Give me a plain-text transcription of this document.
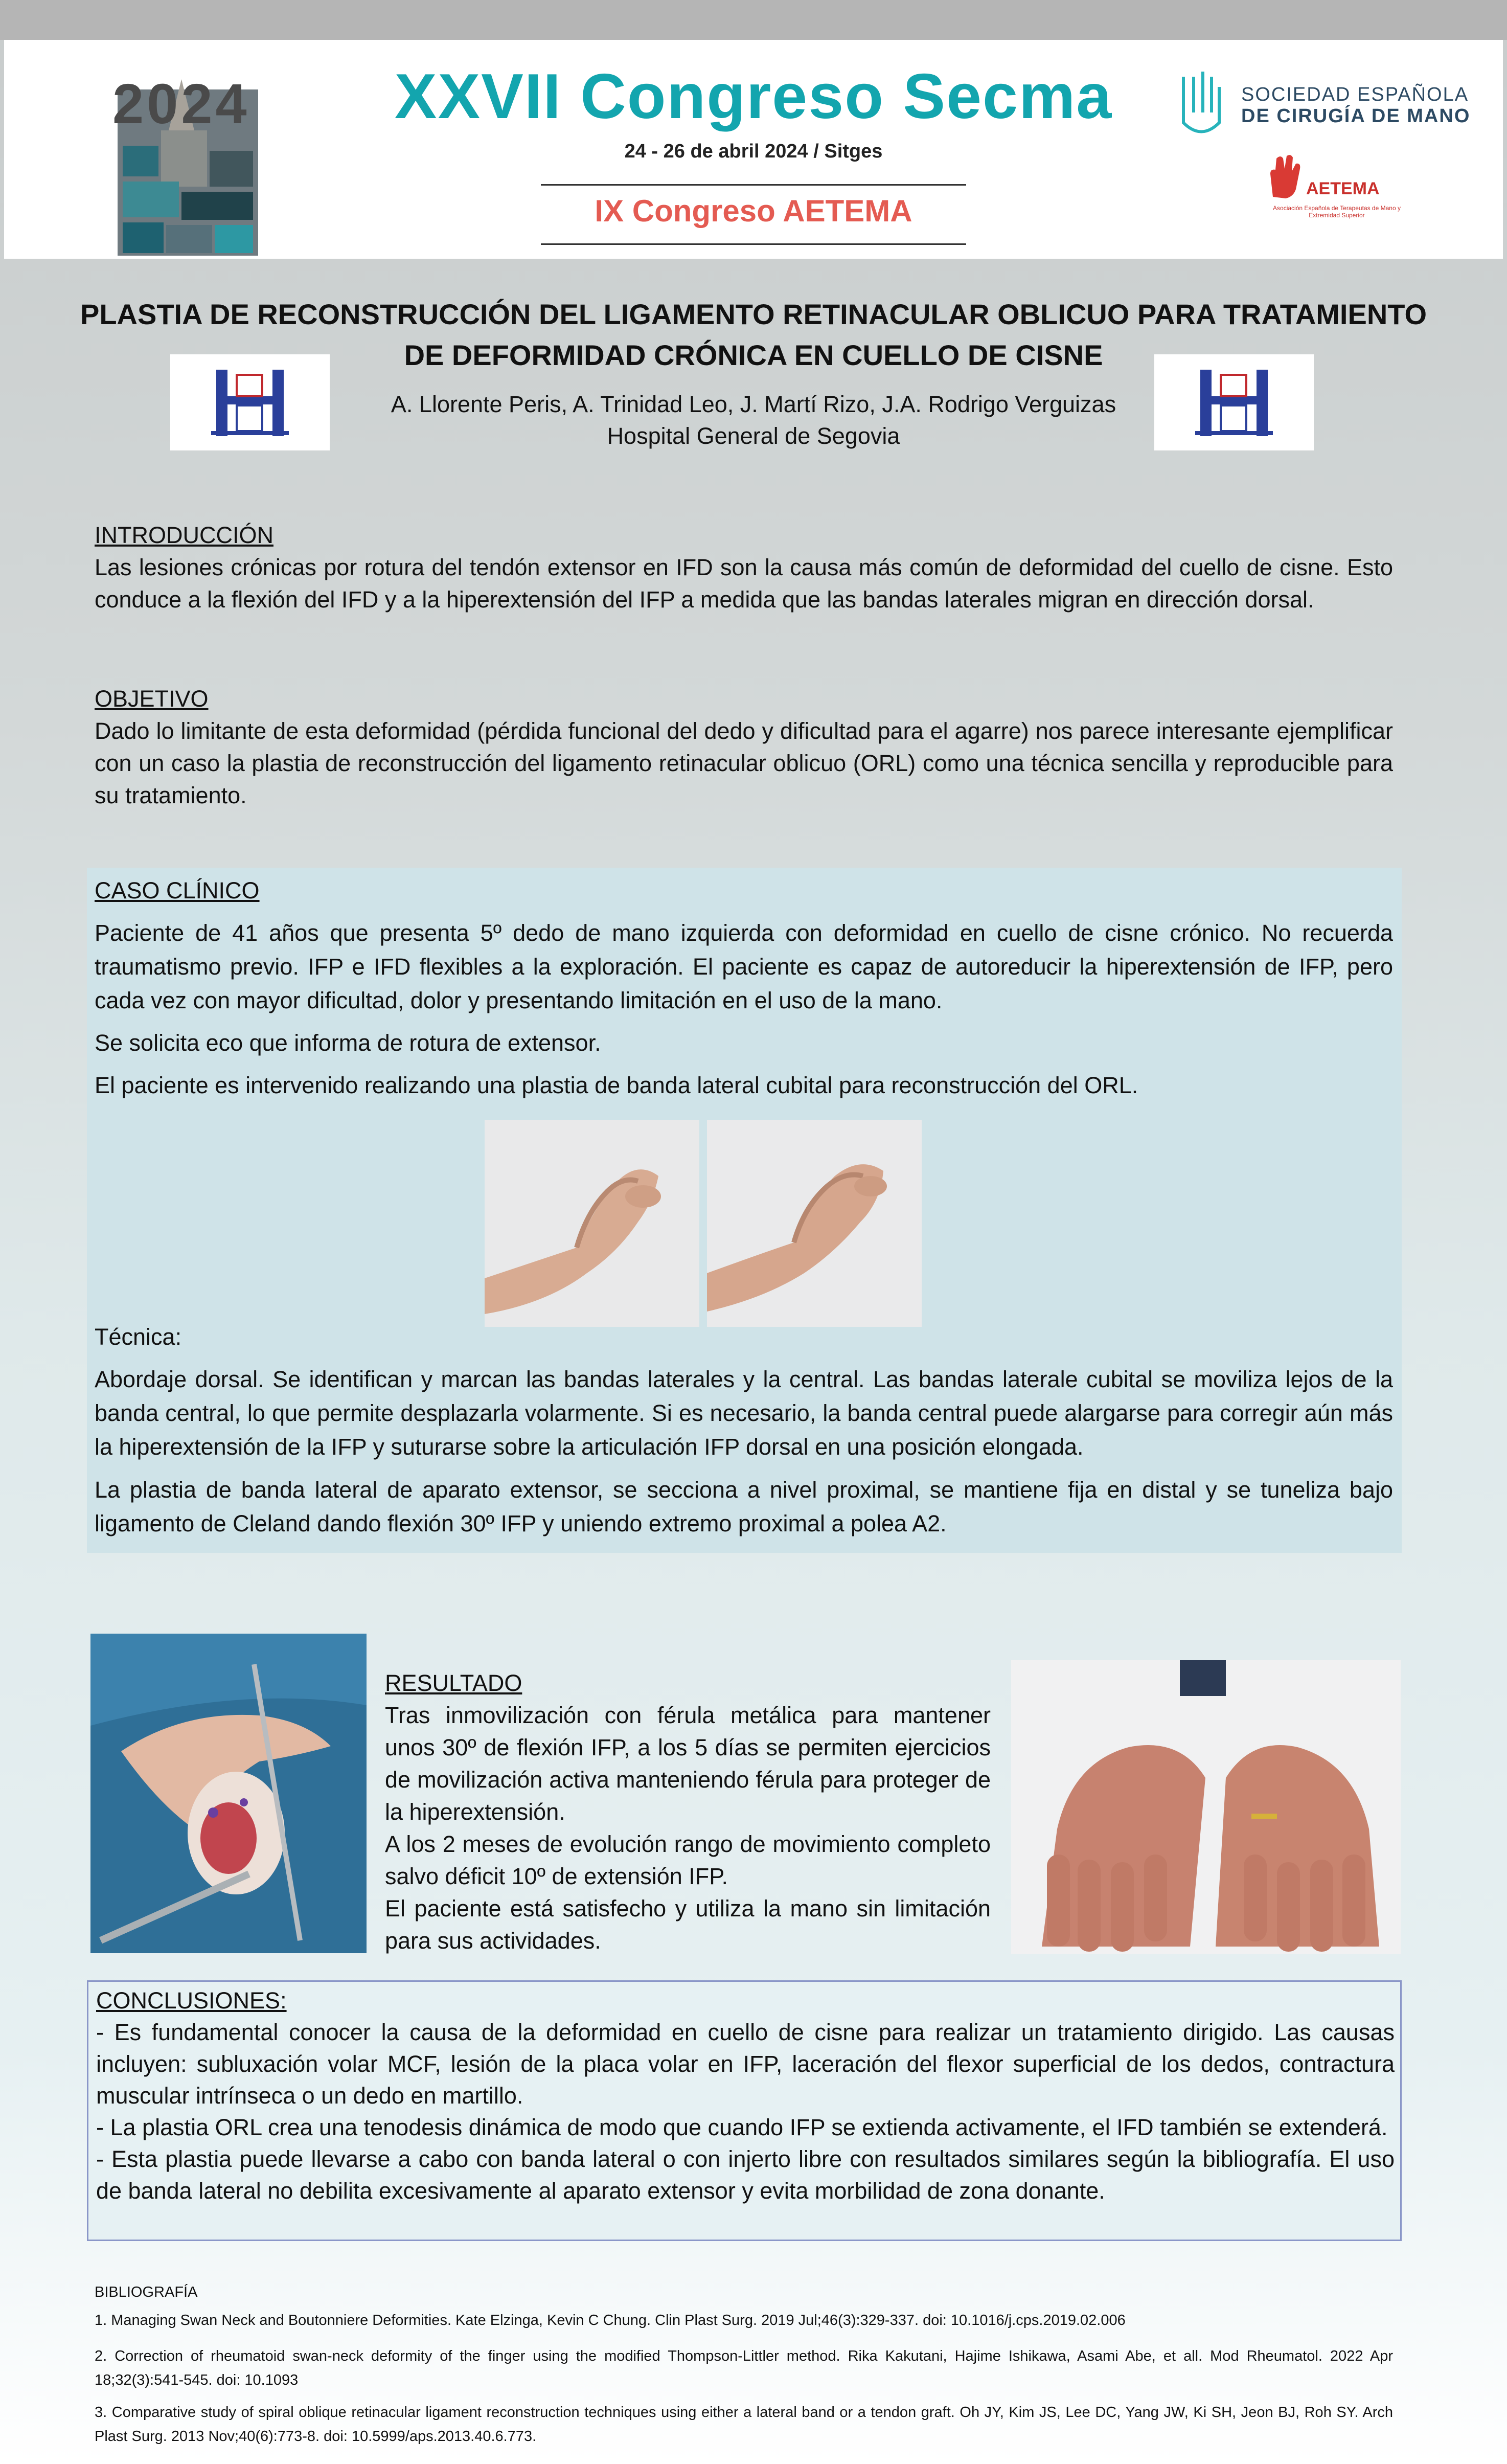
2024	XXVII Congreso Secma
24 - 26 de abril 2024 / Sitges
IX Congreso AETEMA
SOCIEDAD ESPAÑOLA
DE CIRUGÍA DE MANO
AETEMA
Asociación Española de Terapeutas de Mano y Extremidad Superior
PLASTIA DE RECONSTRUCCIÓN DEL LIGAMENTO RETINACULAR OBLICUO PARA TRATAMIENTO
DE DEFORMIDAD CRÓNICA EN CUELLO DE CISNE
A. Llorente Peris, A. Trinidad Leo, J. Martí Rizo, J.A. Rodrigo Verguizas
Hospital General de Segovia
INTRODUCCIÓN
Las lesiones crónicas por rotura del tendón extensor en IFD son la causa más común de deformidad del cuello de cisne. Esto conduce a la flexión del IFD y a la hiperextensión del IFP a medida que las bandas laterales migran en dirección dorsal.
OBJETIVO
Dado lo limitante de esta deformidad (pérdida funcional del dedo y dificultad para el agarre) nos parece interesante ejemplificar con un caso la plastia de reconstrucción del ligamento retinacular oblicuo (ORL) como una técnica sencilla y reproducible para su tratamiento.
CASO CLÍNICO
Paciente de 41 años que presenta 5º dedo de mano izquierda con deformidad en cuello de cisne crónico. No recuerda traumatismo previo. IFP e IFD flexibles a la exploración. El paciente es capaz de autoreducir la hiperextensión de IFP, pero cada vez con mayor dificultad, dolor y presentando limitación en el uso de la mano.
Se solicita eco que informa de rotura de extensor.
El paciente es intervenido realizando una plastia de banda lateral cubital para reconstrucción del ORL.
Técnica:
Abordaje dorsal. Se identifican y marcan las bandas laterales y la central. Las bandas laterale cubital se moviliza lejos de la banda central, lo que permite desplazarla volarmente. Si es necesario, la banda central puede alargarse para corregir aún más la hiperextensión de la IFP y suturarse sobre la articulación IFP dorsal en una posición elongada.
La plastia de banda lateral de aparato extensor, se secciona a nivel proximal, se mantiene fija en distal y se tuneliza bajo ligamento de Cleland dando flexión 30º IFP y uniendo extremo proximal a polea A2.
RESULTADO
Tras inmovilización con férula metálica para mantener unos 30º de flexión IFP, a los 5 días se permiten ejercicios de movilización activa manteniendo férula para proteger de la hiperextensión.
A los 2 meses de evolución rango de movimiento completo salvo déficit 10º de extensión IFP.
El paciente está satisfecho y utiliza la mano sin limitación para sus actividades.
CONCLUSIONES:
- Es fundamental conocer la causa de la deformidad en cuello de cisne para realizar un tratamiento dirigido. Las causas incluyen: subluxación volar MCF, lesión de la placa volar en IFP, laceración del flexor superficial de los dedos, contractura muscular intrínseca o un dedo en martillo.
- La plastia ORL crea una tenodesis dinámica de modo que cuando IFP se extienda activamente, el IFD también se extenderá.
- Esta plastia puede llevarse a cabo con banda lateral o con injerto libre con resultados similares según la bibliografía. El uso de banda lateral no debilita excesivamente al aparato extensor y evita morbilidad de zona donante.
BIBLIOGRAFÍA
1. Managing Swan Neck and Boutonniere Deformities. Kate Elzinga, Kevin C Chung. Clin Plast Surg. 2019 Jul;46(3):329-337. doi: 10.1016/j.cps.2019.02.006
2. Correction of rheumatoid swan-neck deformity of the finger using the modified Thompson-Littler method. Rika Kakutani, Hajime Ishikawa, Asami Abe, et all. Mod Rheumatol. 2022 Apr 18;32(3):541-545. doi: 10.1093
3. Comparative study of spiral oblique retinacular ligament reconstruction techniques using either a lateral band or a tendon graft. Oh JY, Kim JS, Lee DC, Yang JW, Ki SH, Jeon BJ, Roh SY. Arch Plast Surg. 2013 Nov;40(6):773-8. doi: 10.5999/aps.2013.40.6.773.
